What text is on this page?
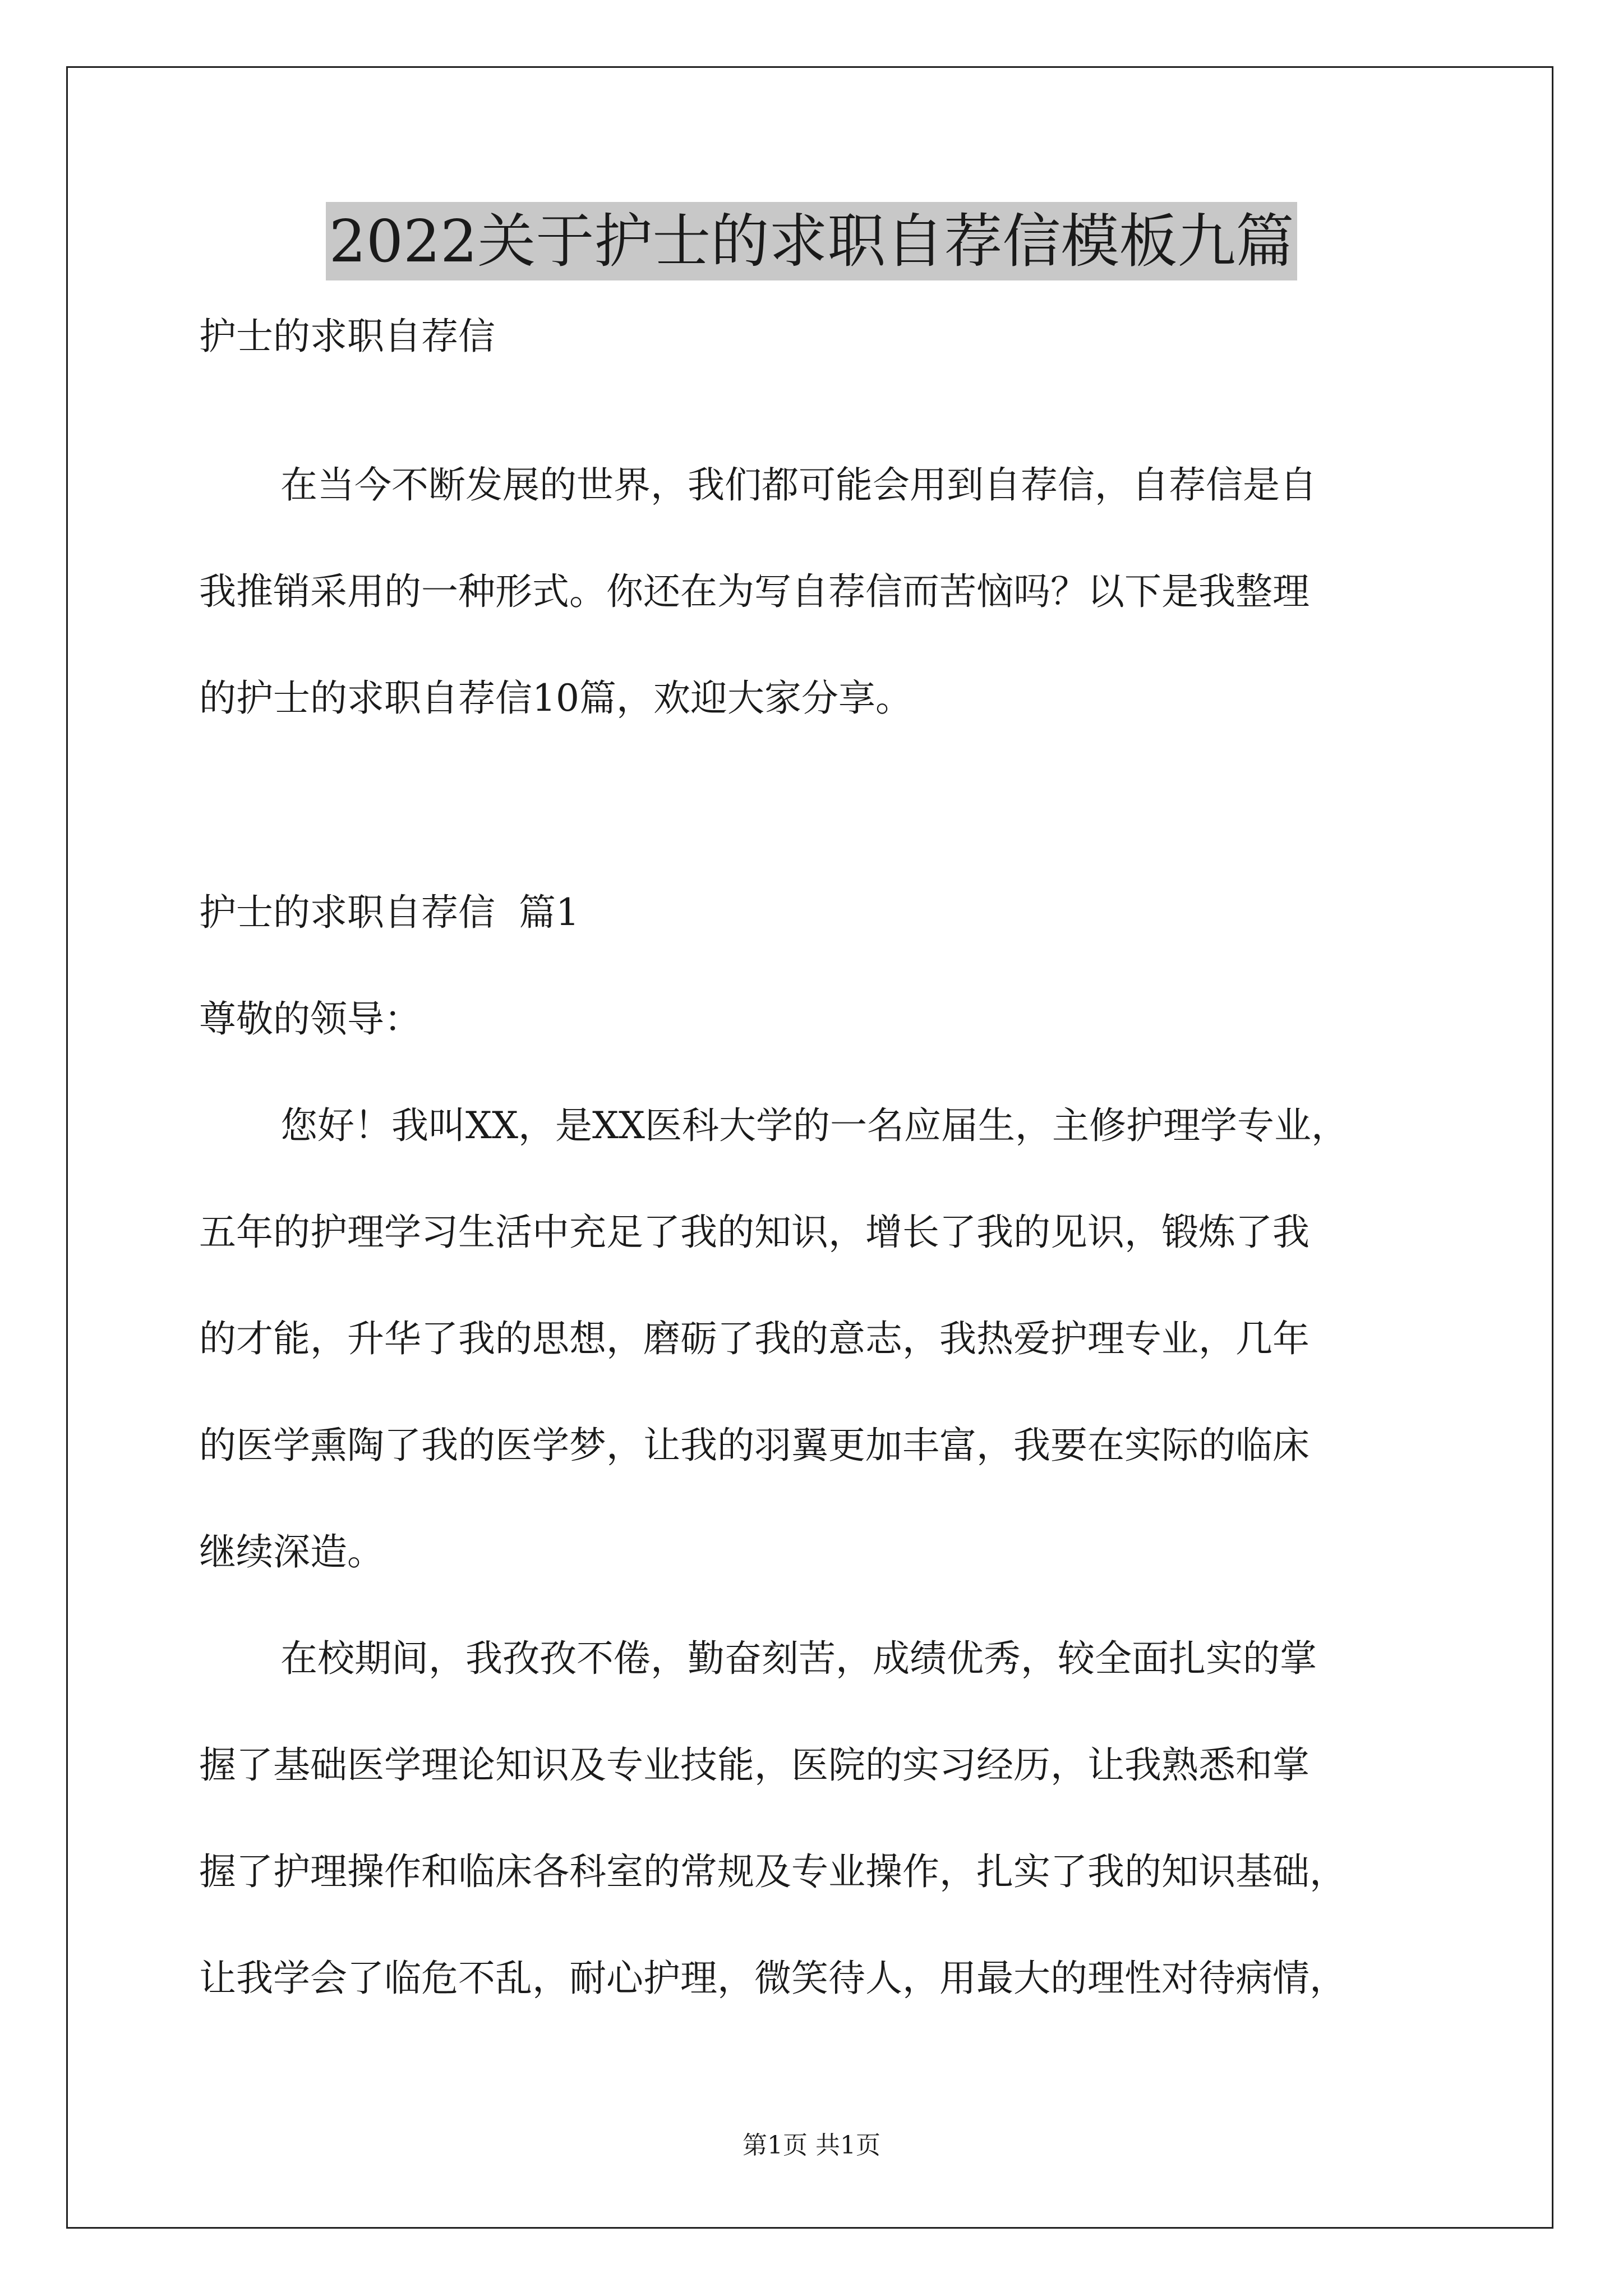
2022关于护士的求职自荐信模板九篇
护士的求职自荐信
在当今不断发展的世界，我们都可能会用到自荐信，自荐信是自
我推销采用的一种形式。你还在为写自荐信而苦恼吗？以下是我整理
的护士的求职自荐信10篇，欢迎大家分享。
护士的求职自荐信  篇1
尊敬的领导：
您好！我叫XX，是XX医科大学的一名应届生，主修护理学专业，
五年的护理学习生活中充足了我的知识，增长了我的见识，锻炼了我
的才能，升华了我的思想，磨砺了我的意志，我热爱护理专业，几年
的医学熏陶了我的医学梦，让我的羽翼更加丰富，我要在实际的临床
继续深造。
在校期间，我孜孜不倦，勤奋刻苦，成绩优秀，较全面扎实的掌
握了基础医学理论知识及专业技能，医院的实习经历，让我熟悉和掌
握了护理操作和临床各科室的常规及专业操作，扎实了我的知识基础，
让我学会了临危不乱，耐心护理，微笑待人，用最大的理性对待病情，
第1页 共1页
